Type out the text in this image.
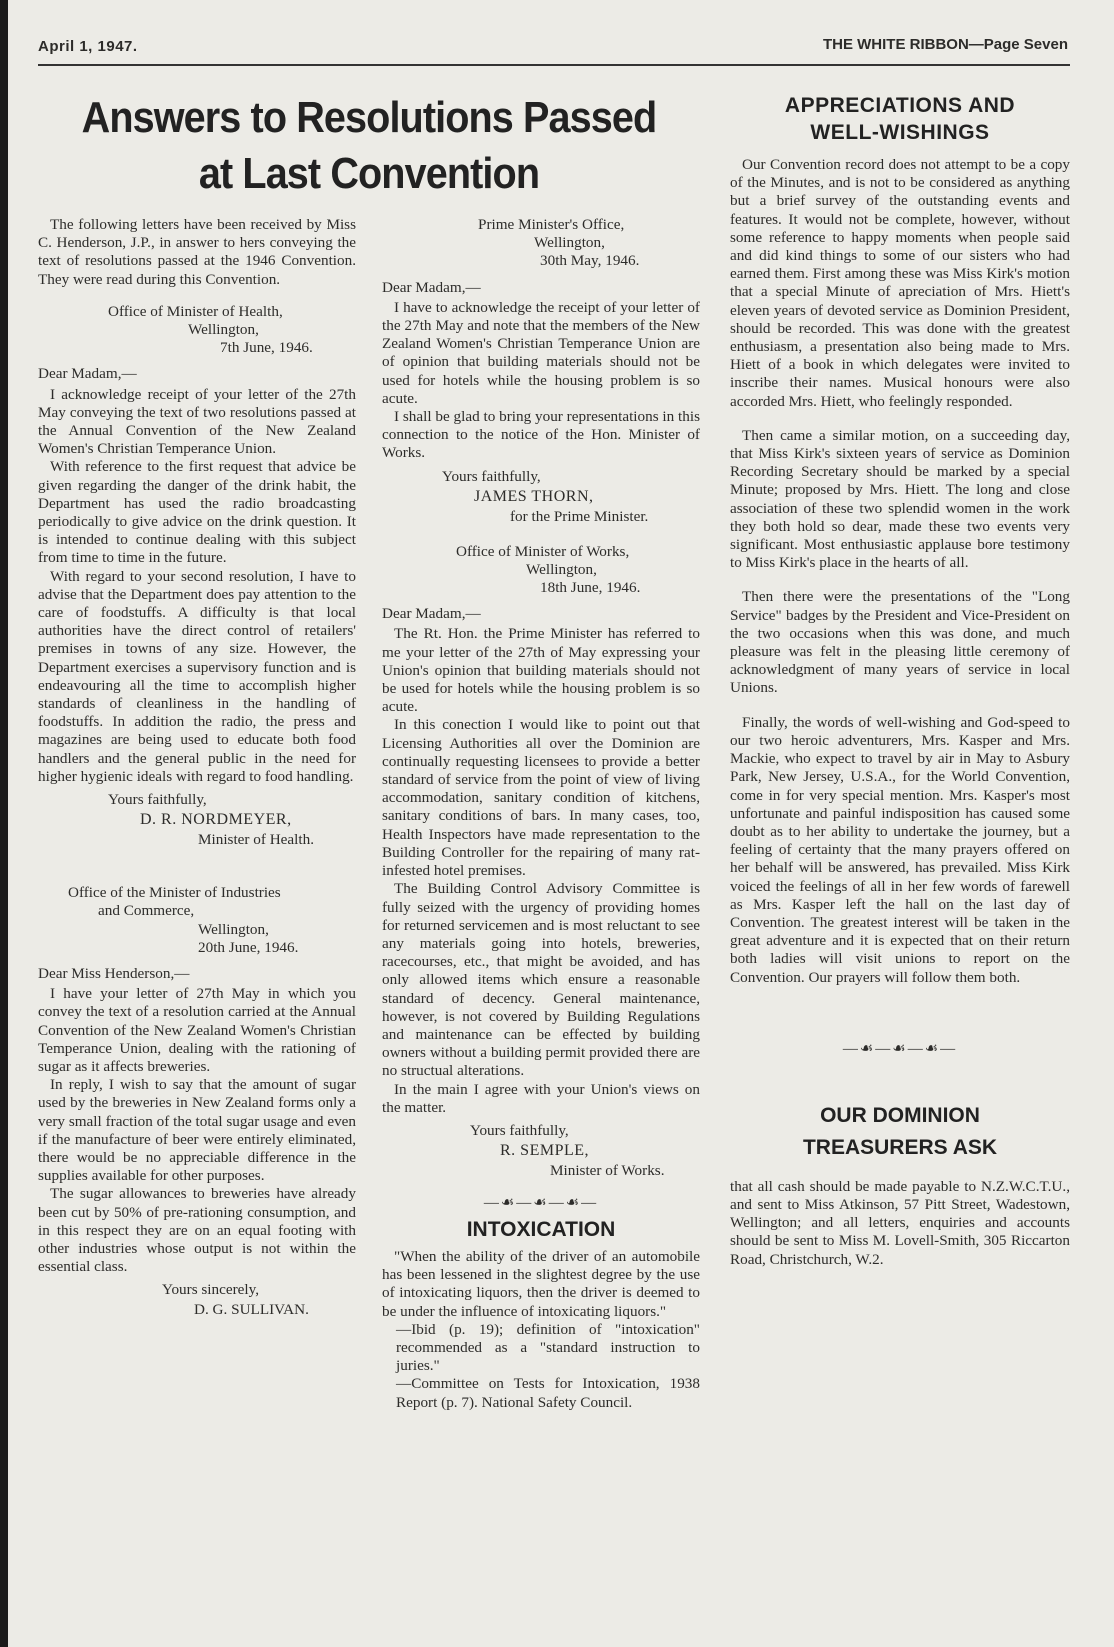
April 1, 1947.	THE WHITE RIBBON—Page Seven
Answers to Resolutions Passed at Last Convention

The following letters have been received by Miss C. Henderson, J.P., in answer to hers conveying the text of resolutions passed at the 1946 Convention. They were read during this Convention.

Office of Minister of Health,
Wellington,
7th June, 1946.
Dear Madam,—

I acknowledge receipt of your letter of the 27th May conveying the text of two resolutions passed at the Annual Convention of the New Zealand Women's Christian Temperance Union.

With reference to the first request that advice be given regarding the danger of the drink habit, the Department has used the radio broadcasting periodically to give advice on the drink question. It is intended to continue dealing with this subject from time to time in the future.

With regard to your second resolution, I have to advise that the Department does pay attention to the care of foodstuffs. A difficulty is that local authorities have the direct control of retailers' premises in towns of any size. However, the Department exercises a supervisory function and is endeavouring all the time to accomplish higher standards of cleanliness in the handling of foodstuffs. In addition the radio, the press and magazines are being used to educate both food handlers and the general public in the need for higher hygienic ideals with regard to food handling.

Yours faithfully,
D. R. NORDMEYER,
Minister of Health.
Office of the Minister of Industries
and Commerce,
Wellington,
20th June, 1946.
Dear Miss Henderson,—

I have your letter of 27th May in which you convey the text of a resolution carried at the Annual Convention of the New Zealand Women's Christian Temperance Union, dealing with the rationing of sugar as it affects breweries.

In reply, I wish to say that the amount of sugar used by the breweries in New Zealand forms only a very small fraction of the total sugar usage and even if the manufacture of beer were entirely eliminated, there would be no appreciable difference in the supplies available for other purposes.

The sugar allowances to breweries have already been cut by 50% of pre-rationing consumption, and in this respect they are on an equal footing with other industries whose output is not within the essential class.

Yours sincerely,
D. G. SULLIVAN.
Prime Minister's Office,
Wellington,
30th May, 1946.
Dear Madam,—

I have to acknowledge the receipt of your letter of the 27th May and note that the members of the New Zealand Women's Christian Temperance Union are of opinion that building materials should not be used for hotels while the housing problem is so acute.

I shall be glad to bring your representations in this connection to the notice of the Hon. Minister of Works.

Yours faithfully,
JAMES THORN,
for the Prime Minister.
Office of Minister of Works,
Wellington,
18th June, 1946.
Dear Madam,—

The Rt. Hon. the Prime Minister has referred to me your letter of the 27th of May expressing your Union's opinion that building materials should not be used for hotels while the housing problem is so acute.

In this conection I would like to point out that Licensing Authorities all over the Dominion are continually requesting licensees to provide a better standard of service from the point of view of living accommodation, sanitary condition of kitchens, sanitary conditions of bars. In many cases, too, Health Inspectors have made representation to the Building Controller for the repairing of many rat-infested hotel premises.

The Building Control Advisory Committee is fully seized with the urgency of providing homes for returned servicemen and is most reluctant to see any materials going into hotels, breweries, racecourses, etc., that might be avoided, and has only allowed items which ensure a reasonable standard of decency. General maintenance, however, is not covered by Building Regulations and maintenance can be effected by building owners without a building permit provided there are no structual alterations.

In the main I agree with your Union's views on the matter.

Yours faithfully,
R. SEMPLE,
Minister of Works.
—☙—☙—☙—
INTOXICATION
"When the ability of the driver of an automobile has been lessened in the slightest degree by the use of intoxicating liquors, then the driver is deemed to be under the influence of intoxicating liquors."
—Ibid (p. 19); definition of "intoxication" recommended as a "standard instruction to juries."
—Committee on Tests for Intoxication, 1938 Report (p. 7). National Safety Council.
APPRECIATIONS AND
WELL-WISHINGS

Our Convention record does not attempt to be a copy of the Minutes, and is not to be considered as anything but a brief survey of the outstanding events and features. It would not be complete, however, without some reference to happy moments when people said and did kind things to some of our sisters who had earned them. First among these was Miss Kirk's motion that a special Minute of apreciation of Mrs. Hiett's eleven years of devoted service as Dominion President, should be recorded. This was done with the greatest enthusiasm, a presentation also being made to Mrs. Hiett of a book in which delegates were invited to inscribe their names. Musical honours were also accorded Mrs. Hiett, who feelingly responded.

Then came a similar motion, on a succeeding day, that Miss Kirk's sixteen years of service as Dominion Recording Secretary should be marked by a special Minute; proposed by Mrs. Hiett. The long and close association of these two splendid women in the work they both hold so dear, made these two events very significant. Most enthusiastic applause bore testimony to Miss Kirk's place in the hearts of all.

Then there were the presentations of the "Long Service" badges by the President and Vice-President on the two occasions when this was done, and much pleasure was felt in the pleasing little ceremony of acknowledgment of many years of service in local Unions.

Finally, the words of well-wishing and God-speed to our two heroic adventurers, Mrs. Kasper and Mrs. Mackie, who expect to travel by air in May to Asbury Park, New Jersey, U.S.A., for the World Convention, come in for very special mention. Mrs. Kasper's most unfortunate and painful indisposition has caused some doubt as to her ability to undertake the journey, but a feeling of certainty that the many prayers offered on her behalf will be answered, has prevailed. Miss Kirk voiced the feelings of all in her few words of farewell as Mrs. Kasper left the hall on the last day of Convention. The greatest interest will be taken in the great adventure and it is expected that on their return both ladies will visit unions to report on the Convention. Our prayers will follow them both.

—☙—☙—☙—
OUR DOMINION
TREASURERS ASK

that all cash should be made payable to N.Z.W.C.T.U., and sent to Miss Atkinson, 57 Pitt Street, Wadestown, Wellington; and all letters, enquiries and accounts should be sent to Miss M. Lovell-Smith, 305 Riccarton Road, Christchurch, W.2.
